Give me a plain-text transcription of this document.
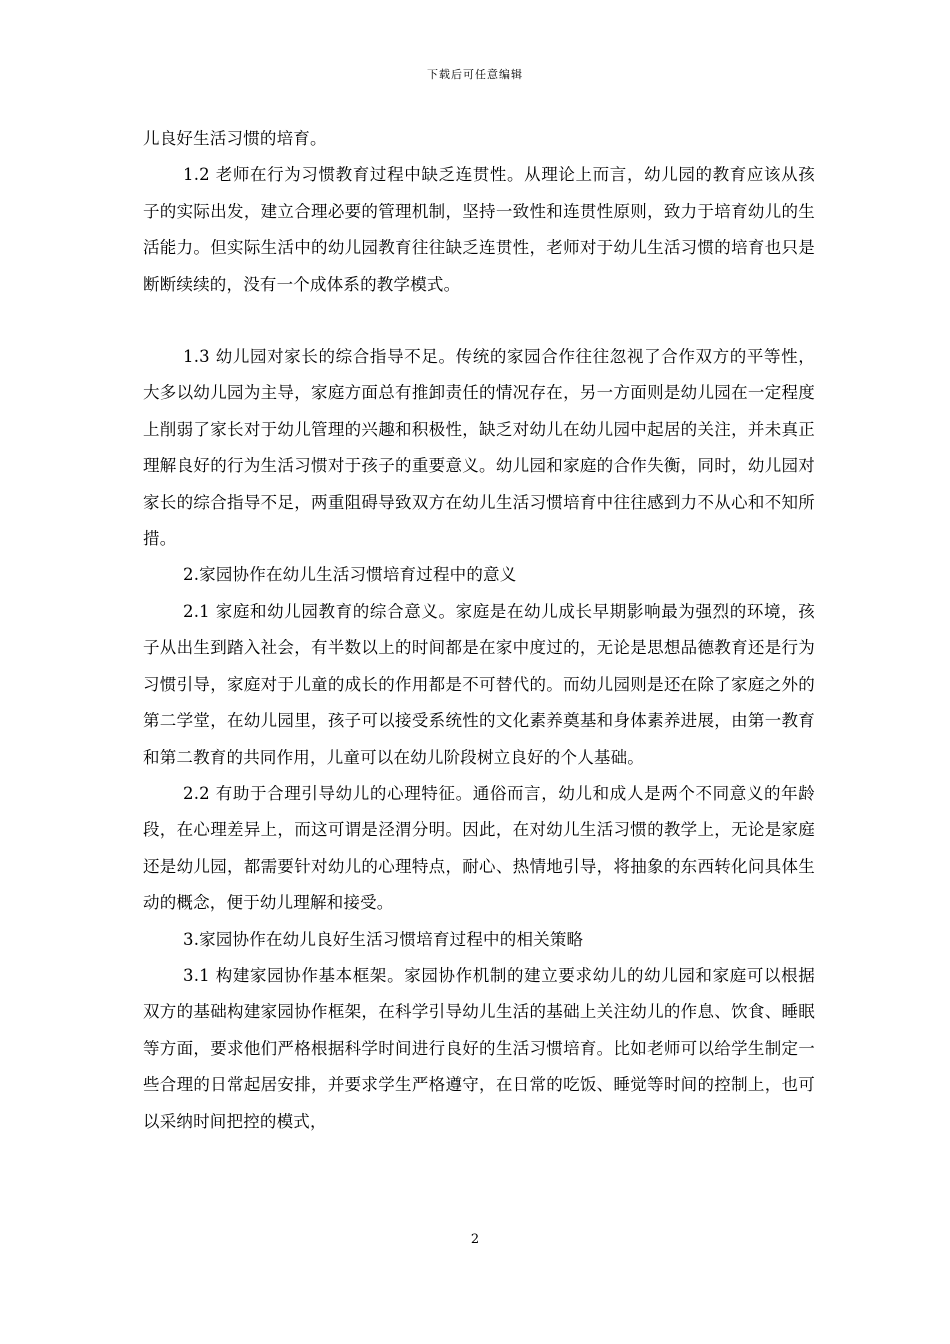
下载后可任意编辑

儿良好生活习惯的培育。

1.2 老师在行为习惯教育过程中缺乏连贯性。从理论上而言，幼儿园的教育应该从孩子的实际出发，建立合理必要的管理机制，坚持一致性和连贯性原则，致力于培育幼儿的生活能力。但实际生活中的幼儿园教育往往缺乏连贯性，老师对于幼儿生活习惯的培育也只是断断续续的，没有一个成体系的教学模式。

1.3 幼儿园对家长的综合指导不足。传统的家园合作往往忽视了合作双方的平等性，大多以幼儿园为主导，家庭方面总有推卸责任的情况存在，另一方面则是幼儿园在一定程度上削弱了家长对于幼儿管理的兴趣和积极性，缺乏对幼儿在幼儿园中起居的关注，并未真正理解良好的行为生活习惯对于孩子的重要意义。幼儿园和家庭的合作失衡，同时，幼儿园对家长的综合指导不足，两重阻碍导致双方在幼儿生活习惯培育中往往感到力不从心和不知所措。

2.家园协作在幼儿生活习惯培育过程中的意义

2.1 家庭和幼儿园教育的综合意义。家庭是在幼儿成长早期影响最为强烈的环境，孩子从出生到踏入社会，有半数以上的时间都是在家中度过的，无论是思想品德教育还是行为习惯引导，家庭对于儿童的成长的作用都是不可替代的。而幼儿园则是还在除了家庭之外的第二学堂，在幼儿园里，孩子可以接受系统性的文化素养奠基和身体素养进展，由第一教育和第二教育的共同作用，儿童可以在幼儿阶段树立良好的个人基础。

2.2 有助于合理引导幼儿的心理特征。通俗而言，幼儿和成人是两个不同意义的年龄段，在心理差异上，而这可谓是泾渭分明。因此，在对幼儿生活习惯的教学上，无论是家庭还是幼儿园，都需要针对幼儿的心理特点，耐心、热情地引导，将抽象的东西转化问具体生动的概念，便于幼儿理解和接受。

3.家园协作在幼儿良好生活习惯培育过程中的相关策略

3.1 构建家园协作基本框架。家园协作机制的建立要求幼儿的幼儿园和家庭可以根据双方的基础构建家园协作框架，在科学引导幼儿生活的基础上关注幼儿的作息、饮食、睡眠等方面，要求他们严格根据科学时间进行良好的生活习惯培育。比如老师可以给学生制定一些合理的日常起居安排，并要求学生严格遵守，在日常的吃饭、睡觉等时间的控制上，也可以采纳时间把控的模式，

2
